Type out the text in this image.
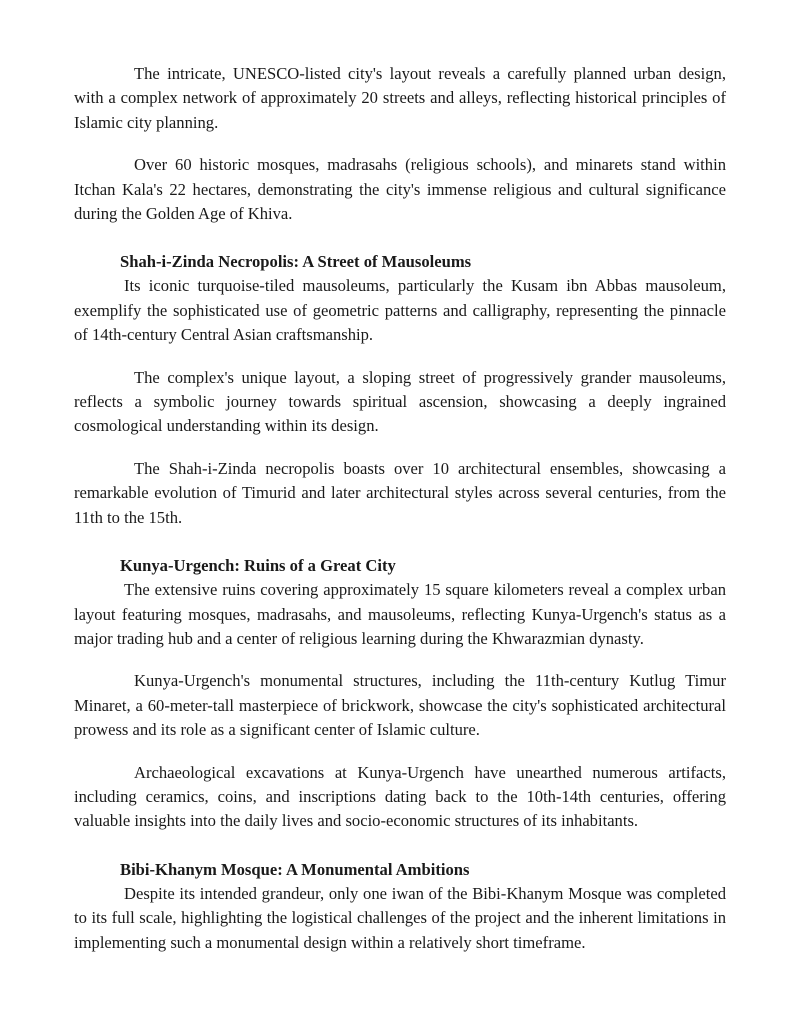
The intricate, UNESCO-listed city's layout reveals a carefully planned urban design, with a complex network of approximately 20 streets and alleys, reflecting historical principles of Islamic city planning.

Over 60 historic mosques, madrasahs (religious schools), and minarets stand within Itchan Kala's 22 hectares, demonstrating the city's immense religious and cultural significance during the Golden Age of Khiva.

Shah-i-Zinda Necropolis: A Street of Mausoleums

Its iconic turquoise-tiled mausoleums, particularly the Kusam ibn Abbas mausoleum, exemplify the sophisticated use of geometric patterns and calligraphy, representing the pinnacle of 14th-century Central Asian craftsmanship.

The complex's unique layout, a sloping street of progressively grander mausoleums, reflects a symbolic journey towards spiritual ascension, showcasing a deeply ingrained cosmological understanding within its design.

The Shah-i-Zinda necropolis boasts over 10 architectural ensembles, showcasing a remarkable evolution of Timurid and later architectural styles across several centuries, from the 11th to the 15th.

Kunya-Urgench: Ruins of a Great City

The extensive ruins covering approximately 15 square kilometers reveal a complex urban layout featuring mosques, madrasahs, and mausoleums, reflecting Kunya-Urgench's status as a major trading hub and a center of religious learning during the Khwarazmian dynasty.

Kunya-Urgench's monumental structures, including the 11th-century Kutlug Timur Minaret, a 60-meter-tall masterpiece of brickwork, showcase the city's sophisticated architectural prowess and its role as a significant center of Islamic culture.

Archaeological excavations at Kunya-Urgench have unearthed numerous artifacts, including ceramics, coins, and inscriptions dating back to the 10th-14th centuries, offering valuable insights into the daily lives and socio-economic structures of its inhabitants.

Bibi-Khanym Mosque: A Monumental Ambitions

Despite its intended grandeur, only one iwan of the Bibi-Khanym Mosque was completed to its full scale, highlighting the logistical challenges of the project and the inherent limitations in implementing such a monumental design within a relatively short timeframe.
